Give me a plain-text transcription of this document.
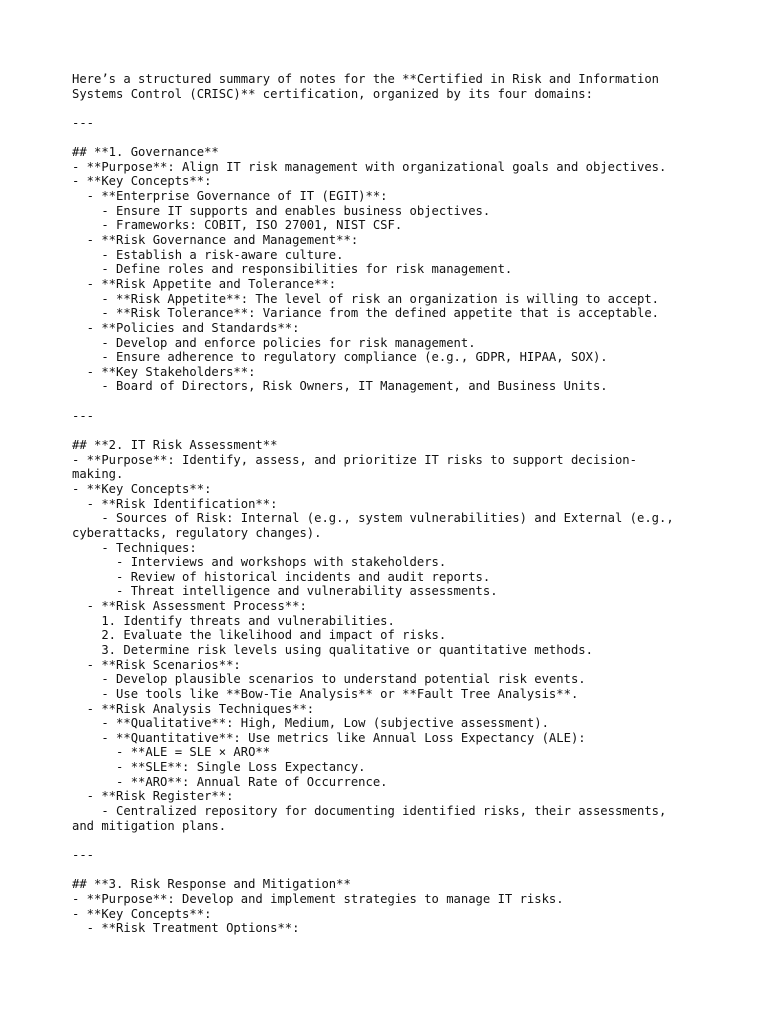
Here’s a structured summary of notes for the **Certified in Risk and Information
Systems Control (CRISC)** certification, organized by its four domains:
---
## **1. Governance**
- **Purpose**: Align IT risk management with organizational goals and objectives.
- **Key Concepts**:
- **Enterprise Governance of IT (EGIT)**:
- Ensure IT supports and enables business objectives.
- Frameworks: COBIT, ISO 27001, NIST CSF.
- **Risk Governance and Management**:
- Establish a risk-aware culture.
- Define roles and responsibilities for risk management.
- **Risk Appetite and Tolerance**:
- **Risk Appetite**: The level of risk an organization is willing to accept.
- **Risk Tolerance**: Variance from the defined appetite that is acceptable.
- **Policies and Standards**:
- Develop and enforce policies for risk management.
- Ensure adherence to regulatory compliance (e.g., GDPR, HIPAA, SOX).
- **Key Stakeholders**:
- Board of Directors, Risk Owners, IT Management, and Business Units.
---
## **2. IT Risk Assessment**
- **Purpose**: Identify, assess, and prioritize IT risks to support decision-
making.
- **Key Concepts**:
- **Risk Identification**:
- Sources of Risk: Internal (e.g., system vulnerabilities) and External (e.g.,
cyberattacks, regulatory changes).
- Techniques:
- Interviews and workshops with stakeholders.
- Review of historical incidents and audit reports.
- Threat intelligence and vulnerability assessments.
- **Risk Assessment Process**:
1. Identify threats and vulnerabilities.
2. Evaluate the likelihood and impact of risks.
3. Determine risk levels using qualitative or quantitative methods.
- **Risk Scenarios**:
- Develop plausible scenarios to understand potential risk events.
- Use tools like **Bow-Tie Analysis** or **Fault Tree Analysis**.
- **Risk Analysis Techniques**:
- **Qualitative**: High, Medium, Low (subjective assessment).
- **Quantitative**: Use metrics like Annual Loss Expectancy (ALE):
- **ALE = SLE × ARO**
- **SLE**: Single Loss Expectancy.
- **ARO**: Annual Rate of Occurrence.
- **Risk Register**:
- Centralized repository for documenting identified risks, their assessments,
and mitigation plans.
---
## **3. Risk Response and Mitigation**
- **Purpose**: Develop and implement strategies to manage IT risks.
- **Key Concepts**:
- **Risk Treatment Options**:
